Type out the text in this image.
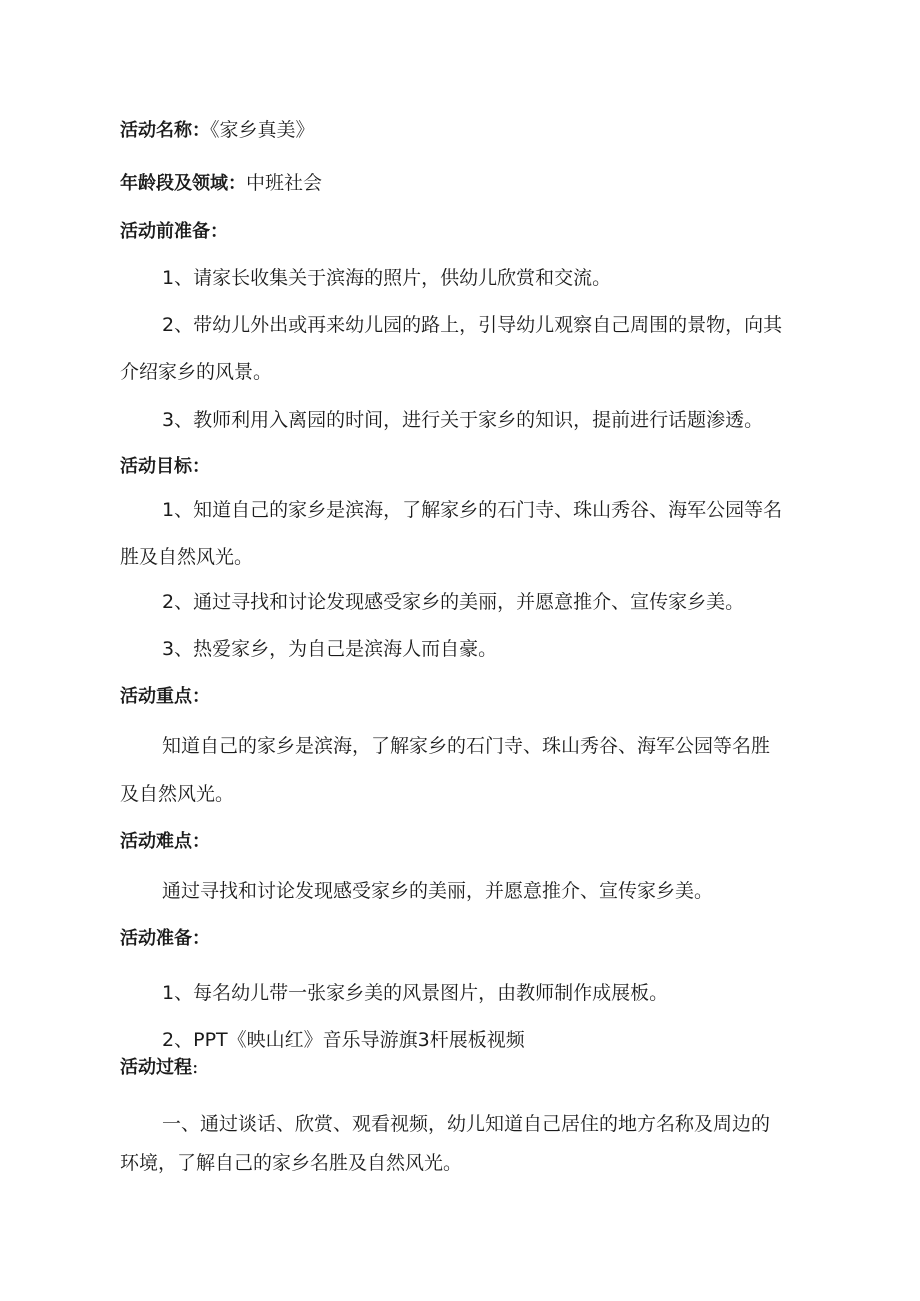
活动名称：《家乡真美》
年龄段及领域：中班社会
活动前准备：
1、请家长收集关于滨海的照片，供幼儿欣赏和交流。
2、带幼儿外出或再来幼儿园的路上，引导幼儿观察自己周围的景物，向其
介绍家乡的风景。
3、教师利用入离园的时间，进行关于家乡的知识，提前进行话题渗透。
活动目标：
1、知道自己的家乡是滨海，了解家乡的石门寺、珠山秀谷、海军公园等名
胜及自然风光。
2、通过寻找和讨论发现感受家乡的美丽，并愿意推介、宣传家乡美。
3、热爱家乡，为自己是滨海人而自豪。
活动重点：
知道自己的家乡是滨海，了解家乡的石门寺、珠山秀谷、海军公园等名胜
及自然风光。
活动难点：
通过寻找和讨论发现感受家乡的美丽，并愿意推介、宣传家乡美。
活动准备：
1、每名幼儿带一张家乡美的风景图片，由教师制作成展板。
2、PPT《映山红》音乐导游旗3杆展板视频
活动过程:
一、通过谈话、欣赏、观看视频，幼儿知道自己居住的地方名称及周边的
环境，了解自己的家乡名胜及自然风光。
